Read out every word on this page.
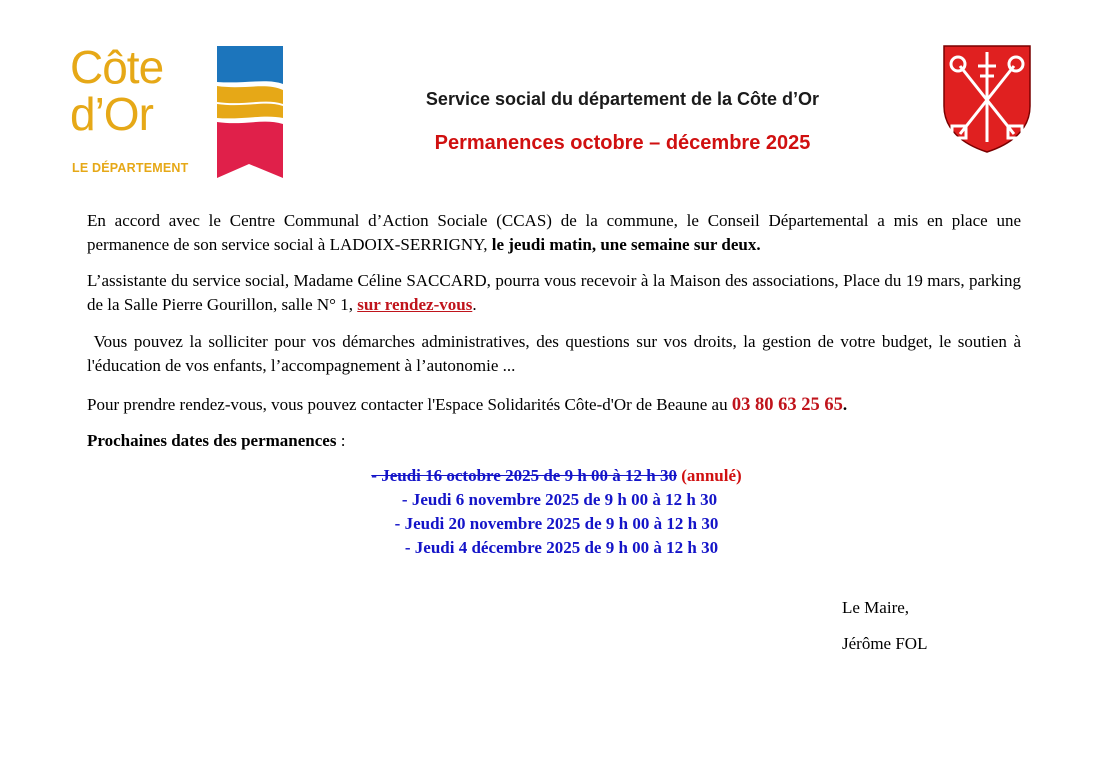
Côte
d’Or
LE DÉPARTEMENT
Service social du département de la Côte d’Or
Permanences octobre – décembre 2025
En accord avec le Centre Communal d’Action Sociale (CCAS) de la commune, le Conseil Départemental a mis en place une permanence de son service social à LADOIX-SERRIGNY, le jeudi matin, une semaine sur deux.
L’assistante du service social, Madame Céline SACCARD, pourra vous recevoir à la Maison des associations, Place du 19 mars, parking de la Salle Pierre Gourillon, salle N° 1, sur rendez-vous.
Vous pouvez la solliciter pour vos démarches administratives, des questions sur vos droits, la gestion de votre budget, le soutien à l'éducation de vos enfants, l’accompagnement à l’autonomie ...
Pour prendre rendez-vous, vous pouvez contacter l'Espace Solidarités Côte-d'Or de Beaune au 03 80 63 25 65.
Prochaines dates des permanences :
- Jeudi 16 octobre 2025 de 9 h 00 à 12 h 30 (annulé)
- Jeudi 6 novembre 2025 de 9 h 00 à 12 h 30
- Jeudi 20 novembre 2025 de 9 h 00 à 12 h 30
- Jeudi 4 décembre 2025 de 9 h 00 à 12 h 30
Le Maire,
Jérôme FOL
